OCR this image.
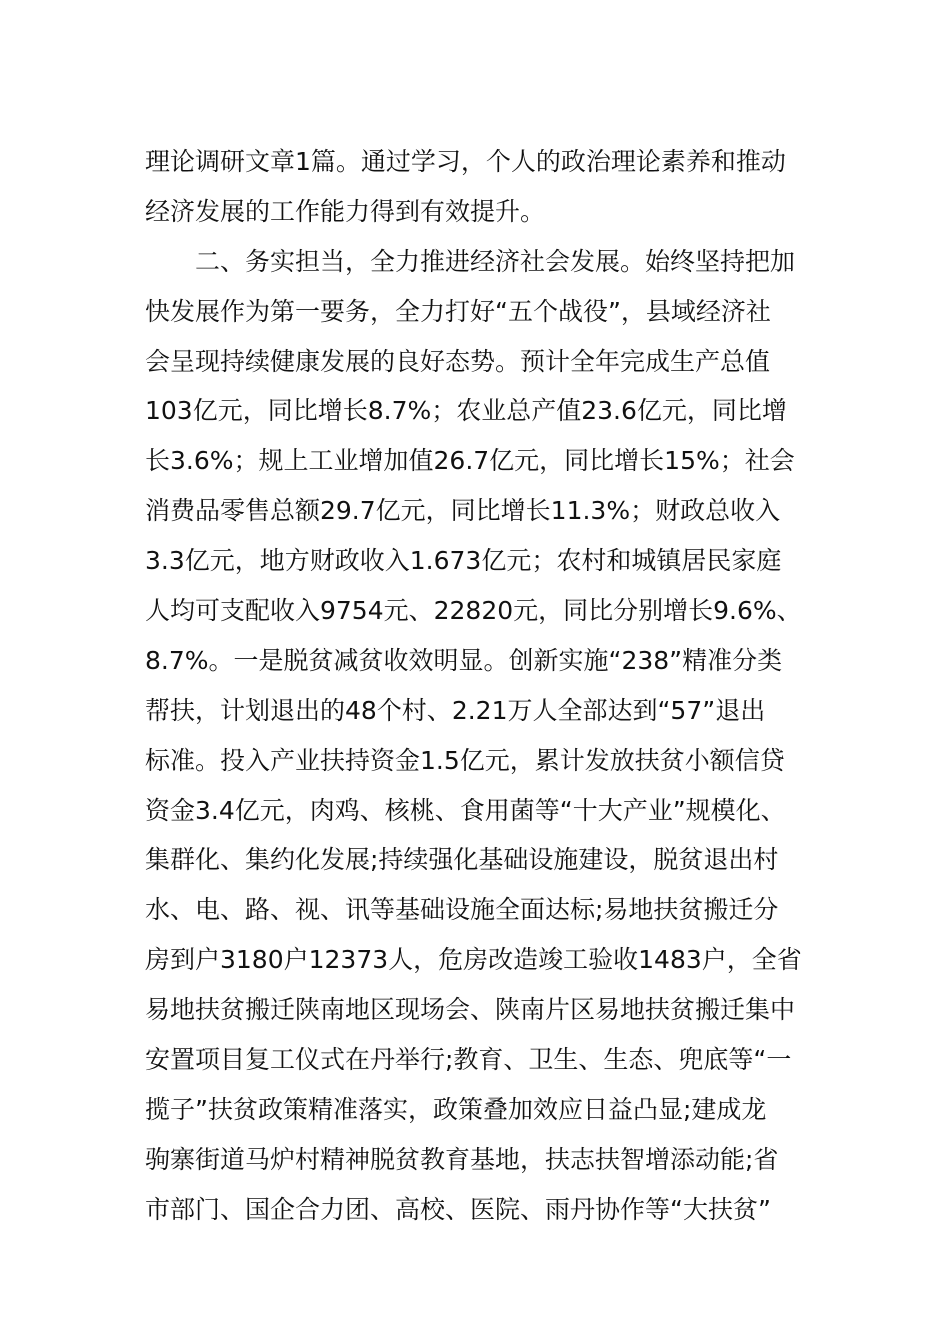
理论调研文章1篇。通过学习，个人的政治理论素养和推动
经济发展的工作能力得到有效提升。
　　二、务实担当，全力推进经济社会发展。始终坚持把加
快发展作为第一要务，全力打好“五个战役”，县域经济社
会呈现持续健康发展的良好态势。预计全年完成生产总值
103亿元，同比增长8.7%；农业总产值23.6亿元，同比增
长3.6%；规上工业增加值26.7亿元，同比增长15%；社会
消费品零售总额29.7亿元，同比增长11.3%；财政总收入
3.3亿元，地方财政收入1.673亿元；农村和城镇居民家庭
人均可支配收入9754元、22820元，同比分别增长9.6%、
8.7%。一是脱贫减贫收效明显。创新实施“238”精准分类
帮扶，计划退出的48个村、2.21万人全部达到“57”退出
标准。投入产业扶持资金1.5亿元，累计发放扶贫小额信贷
资金3.4亿元，肉鸡、核桃、食用菌等“十大产业”规模化、
集群化、集约化发展;持续强化基础设施建设，脱贫退出村
水、电、路、视、讯等基础设施全面达标;易地扶贫搬迁分
房到户3180户12373人，危房改造竣工验收1483户，全省
易地扶贫搬迁陕南地区现场会、陕南片区易地扶贫搬迁集中
安置项目复工仪式在丹举行;教育、卫生、生态、兜底等“一
揽子”扶贫政策精准落实，政策叠加效应日益凸显;建成龙
驹寨街道马炉村精神脱贫教育基地，扶志扶智增添动能;省
市部门、国企合力团、高校、医院、雨丹协作等“大扶贫”
